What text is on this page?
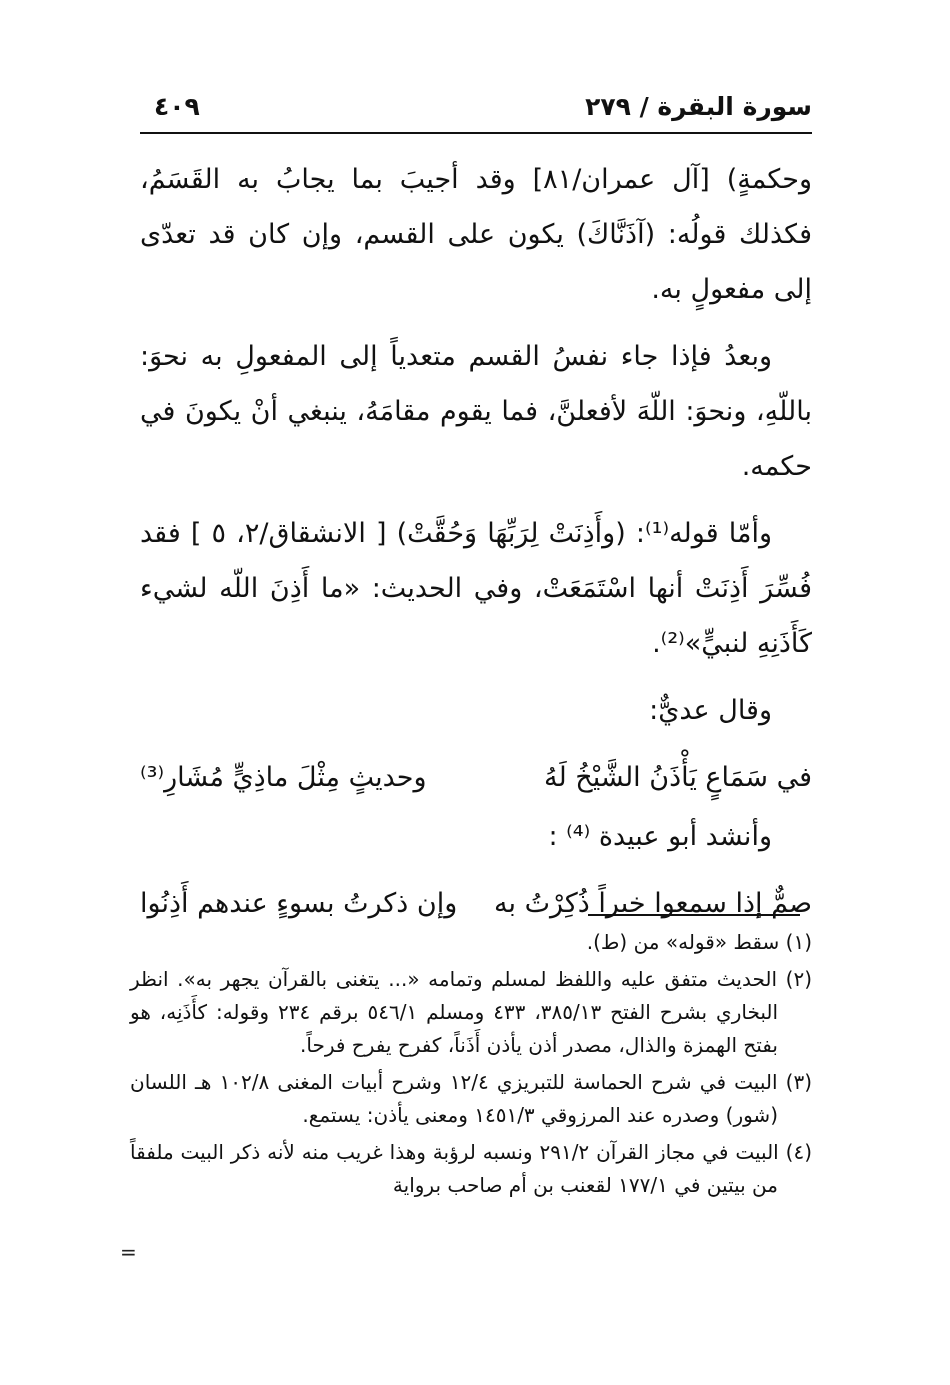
سورة البقرة / ٢٧٩
٤٠٩

وحكمةٍ) [آل عمران/٨١] وقد أجيبَ بما يجابُ به القَسَمُ، فكذلك قولُه: (آذَنَّاكَ) يكون على القسم، وإن كان قد تعدّى إلى مفعولٍ به.

وبعدُ فإذا جاء نفسُ القسم متعدياً إلى المفعولِ به نحوَ: باللّهِ، ونحوَ: اللّهَ لأفعلنَّ، فما يقوم مقامَهُ، ينبغي أنْ يكونَ في حكمه.

وأمّا قوله⁽¹⁾: (وأَذِنَتْ لِرَبِّهَا وَحُقَّتْ) [ الانشقاق/٢، ٥ ] فقد فُسِّرَ أَذِنَتْ أنها اسْتَمَعَتْ، وفي الحديث: «ما أَذِنَ اللّه لشيء كَأَذَنِهِ لنبيٍّ»⁽²⁾.

وقال عديٌّ:

في سَمَاعٍ يَأْذَنُ الشَّيْخُ لَهُ
وحديثٍ مِثْلَ ماذِيٍّ مُشَارِ⁽³⁾

وأنشد أبو عبيدة ⁽⁴⁾ :

صمٌّ إذا سمعوا خيراً ذُكِرْتُ به
وإن ذكرتُ بسوءٍ عندهم أَذِنُوا

(١) سقط «قوله» من (ط).

(٢) الحديث متفق عليه واللفظ لمسلم وتمامه «... يتغنى بالقرآن يجهر به». انظر البخاري بشرح الفتح ٣٨٥/١٣، ٤٣٣ ومسلم ٥٤٦/١ برقم ٢٣٤ وقوله: كأَذَنِه، هو بفتح الهمزة والذال، مصدر أذن يأذن أَذَناً، كفرح يفرح فرحاً.

(٣) البيت في شرح الحماسة للتبريزي ١٢/٤ وشرح أبيات المغنى ١٠٢/٨ هـ اللسان (شور) وصدره عند المرزوقي ١٤٥١/٣ ومعنى يأذن: يستمع.

(٤) البيت في مجاز القرآن ٢٩١/٢ ونسبه لرؤبة وهذا غريب منه لأنه ذكر البيت ملفقاً من بيتين في ١٧٧/١ لقعنب بن أم صاحب برواية

=
